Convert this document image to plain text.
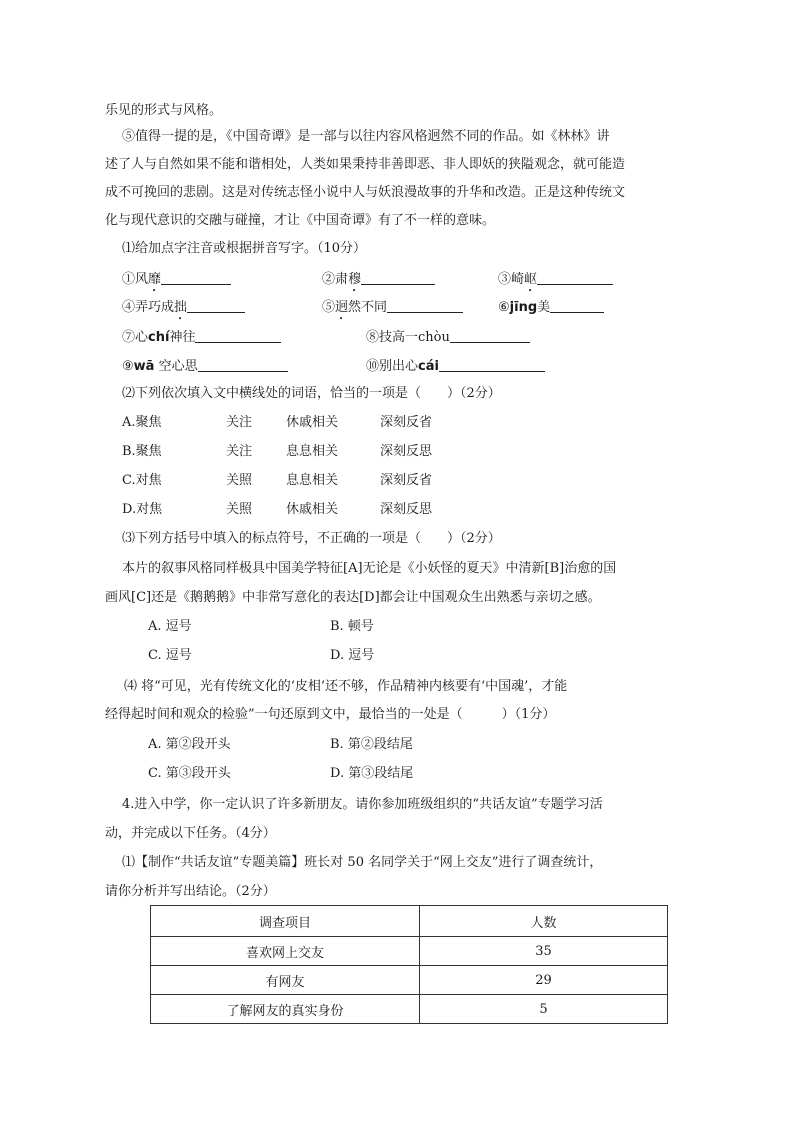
乐见的形式与风格。
⑤值得一提的是，《中国奇谭》是一部与以往内容风格迥然不同的作品。如《林林》讲
述了人与自然如果不能和谐相处，人类如果秉持非善即恶、非人即妖的狭隘观念，就可能造
成不可挽回的悲剧。这是对传统志怪小说中人与妖浪漫故事的升华和改造。正是这种传统文
化与现代意识的交融与碰撞，才让《中国奇谭》有了不一样的意味。
⑴给加点字注音或根据拼音写字。（10分）
①风靡	②肃穆	③崎岖
④弄巧成拙	⑤迥然不同	⑥jīng美
⑦心chí神往	⑧技高一chòu
⑨wā 空心思	⑩别出心cái
⑵下列依次填入文中横线处的词语，恰当的一项是（　　）（2分）
A.聚焦	关注	休戚相关	深刻反省
B.聚焦	关注	息息相关	深刻反思
C.对焦	关照	息息相关	深刻反省
D.对焦	关照	休戚相关	深刻反思
⑶下列方括号中填入的标点符号，不正确的一项是（　　）（2分）
本片的叙事风格同样极具中国美学特征[A]无论是《小妖怪的夏天》中清新[B]治愈的国
画风[C]还是《鹅鹅鹅》中非常写意化的表达[D]都会让中国观众生出熟悉与亲切之感。
A. 逗号	B. 顿号
C. 逗号	D. 逗号
⑷ 将“可见，光有传统文化的‘皮相’还不够，作品精神内核要有‘中国魂’，才能
经得起时间和观众的检验”一句还原到文中，最恰当的一处是（　　　）（1分）
A. 第②段开头	B. 第②段结尾
C. 第③段开头	D. 第③段结尾
4.进入中学，你一定认识了许多新朋友。请你参加班级组织的“共话友谊”专题学习活
动，并完成以下任务。（4分）
⑴【制作“共话友谊”专题美篇】班长对 50 名同学关于“网上交友”进行了调查统计，
请你分析并写出结论。（2分）
调查项目	人数
喜欢网上交友	35
有网友	29
了解网友的真实身份	5
